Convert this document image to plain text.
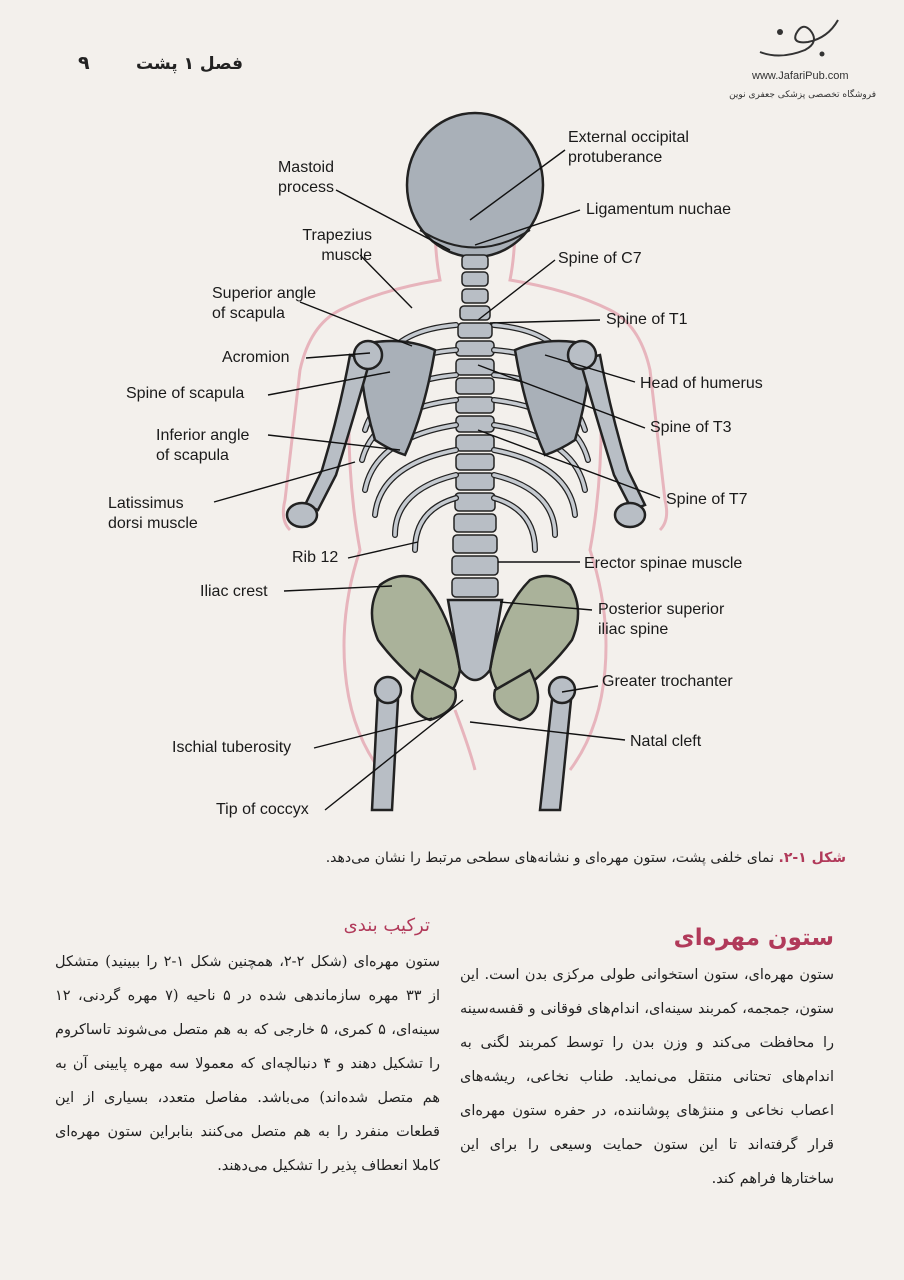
فصل ۱ پشت
۹
www.JafariPub.com
فروشگاه تخصصی پزشکی جعفری نوین
Mastoid
process
Trapezius
muscle
Superior angle
of scapula
Acromion
Spine of scapula
Inferior angle
of scapula
Latissimus
dorsi muscle
Rib 12
Iliac crest
Ischial tuberosity
Tip of coccyx
External occipital
protuberance
Ligamentum nuchae
Spine of C7
Spine of T1
Head of humerus
Spine of T3
Spine of T7
Erector spinae muscle
Posterior superior
iliac spine
Greater trochanter
Natal cleft
شکل ۱-۲. نمای خلفی پشت، ستون مهره‌ای و نشانه‌های سطحی مرتبط را نشان می‌دهد.
ستون مهره‌ای
ستون مهره‌ای، ستون استخوانی طولی مرکزی بدن است. این ستون، جمجمه، کمربند سینه‌ای، اندام‌های فوقانی و قفسه‌سینه را محافظت می‌کند و وزن بدن را توسط کمربند لگنی به اندام‌های تحتانی منتقل می‌نماید. طناب نخاعی، ریشه‌های اعصاب نخاعی و مننژهای پوشاننده، در حفره ستون مهره‌ای قرار گرفته‌اند تا این ستون حمایت وسیعی را برای این ساختارها فراهم کند.
ترکیب بندی
ستون مهره‌ای (شکل ۲-۲، همچنین شکل ۱-۲ را ببینید) متشکل از ۳۳ مهره سازماندهی شده در ۵ ناحیه (۷ مهره گردنی، ۱۲ سینه‌ای، ۵ کمری، ۵ خارجی که به هم متصل می‌شوند تاساکروم را تشکیل دهند و ۴ دنبالچه‌ای که معمولا سه مهره پایینی آن به هم متصل شده‌اند) می‌باشد. مفاصل متعدد، بسیاری از این قطعات منفرد را به هم متصل می‌کنند بنابراین ستون مهره‌ای کاملا انعطاف پذیر را تشکیل می‌دهند.
